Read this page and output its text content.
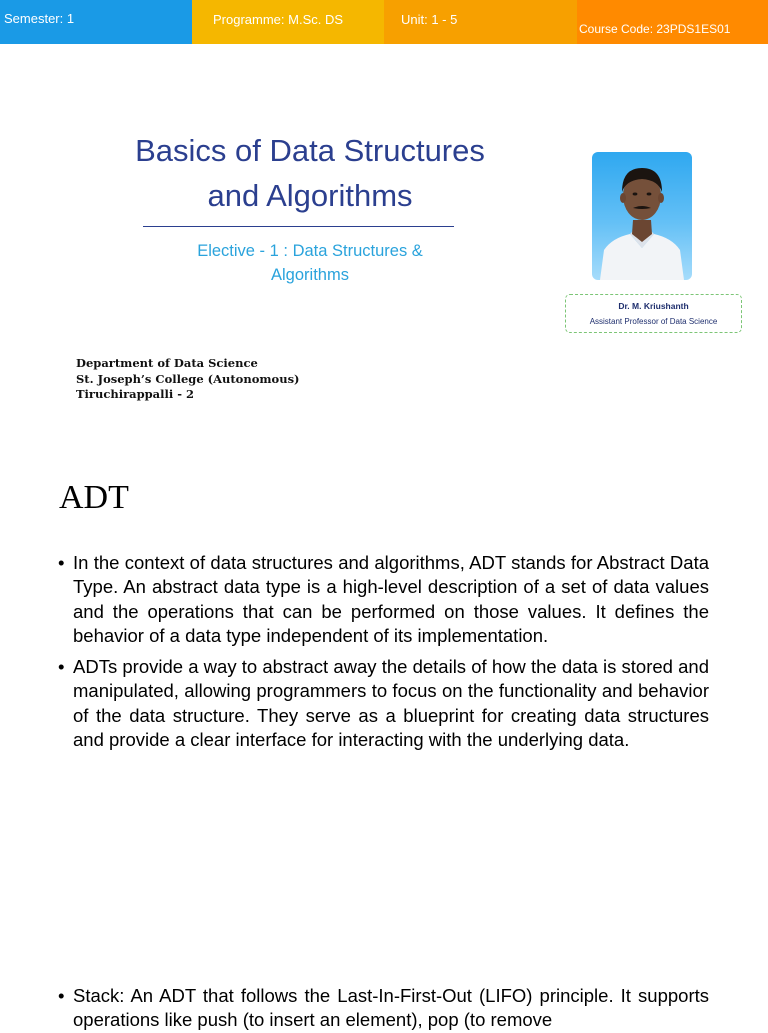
Semester: 1	Programme: M.Sc. DS	Unit: 1 - 5
Course Code: 23PDS1ES01
Basics of Data Structures
and Algorithms

Elective - 1 : Data Structures &
Algorithms

Dr. M. Kriushanth
Assistant Professor of Data Science
Department of Data Science
St. Joseph’s College (Autonomous)
Tiruchirappalli - 2
ADT
• In the context of data structures and algorithms, ADT stands for Abstract Data Type. An abstract data type is a high-level description of a set of data values and the operations that can be performed on those values. It defines the behavior of a data type independent of its implementation.
• ADTs provide a way to abstract away the details of how the data is stored and manipulated, allowing programmers to focus on the functionality and behavior of the data structure. They serve as a blueprint for creating data structures and provide a clear interface for interacting with the underlying data.
• Stack: An ADT that follows the Last-In-First-Out (LIFO) principle. It supports operations like push (to insert an element), pop (to remove
